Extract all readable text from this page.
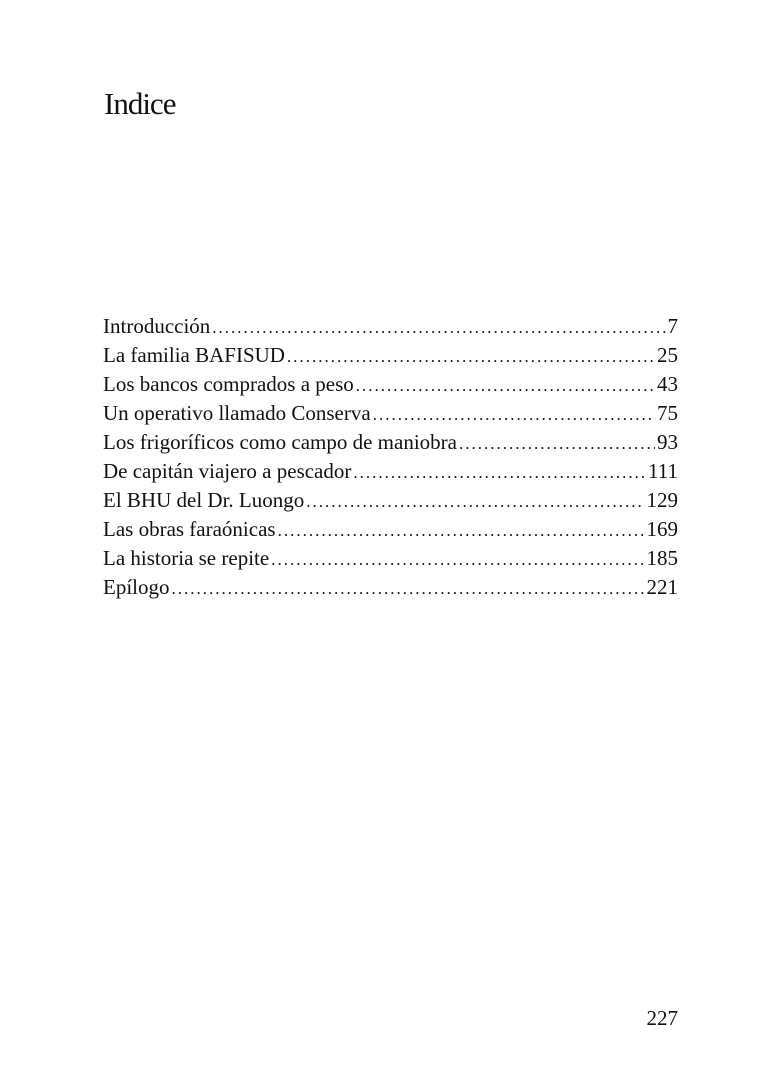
Indice
Introducción .....	7
La familia BAFISUD .....	25
Los bancos comprados a peso .....	43
Un operativo llamado Conserva .....	75
Los frigoríficos como campo de maniobra .....	93
De capitán viajero a pescador .....	111
El BHU del Dr. Luongo .....	129
Las obras faraónicas .....	169
La historia se repite .....	185
Epílogo .....	221
227
